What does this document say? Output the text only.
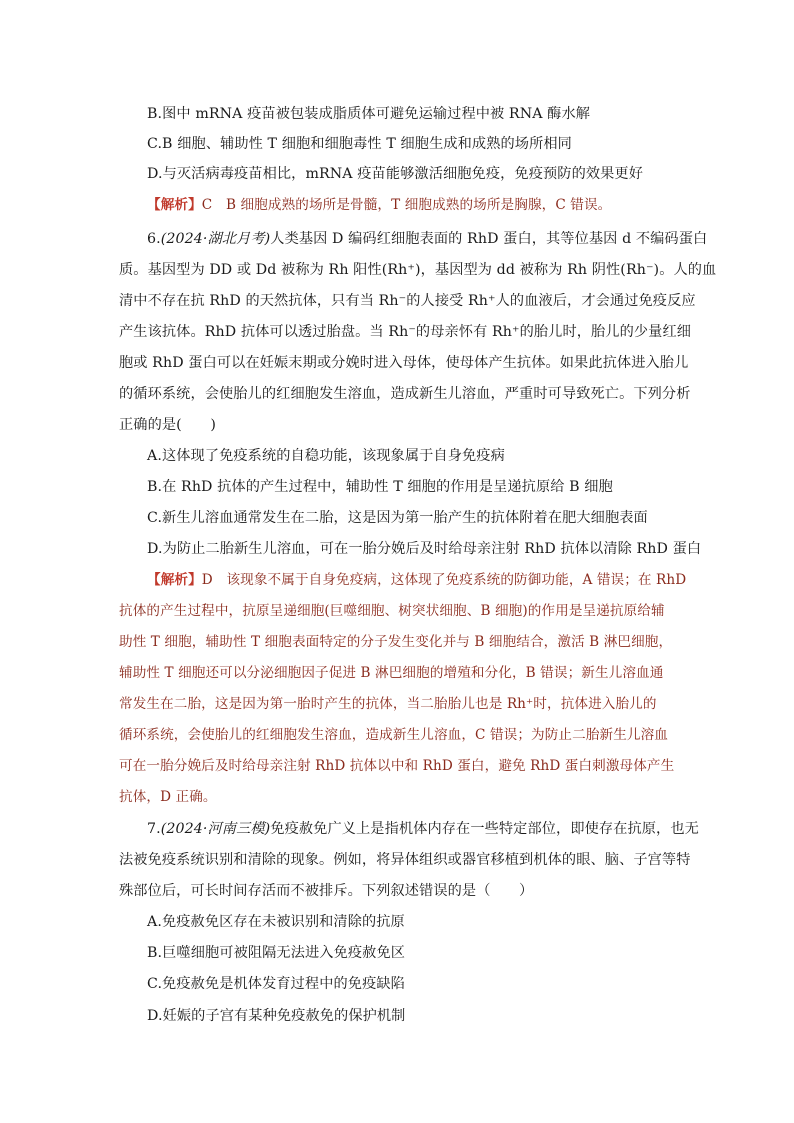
B.图中 mRNA 疫苗被包装成脂质体可避免运输过程中被 RNA 酶水解
C.B 细胞、辅助性 T 细胞和细胞毒性 T 细胞生成和成熟的场所相同
D.与灭活病毒疫苗相比，mRNA 疫苗能够激活细胞免疫，免疫预防的效果更好
【解析】C　B 细胞成熟的场所是骨髓，T 细胞成熟的场所是胸腺，C 错误。
6.(2024·湖北月考)人类基因 D 编码红细胞表面的 RhD 蛋白，其等位基因 d 不编码蛋白
质。基因型为 DD 或 Dd 被称为 Rh 阳性(Rh⁺)，基因型为 dd 被称为 Rh 阴性(Rh⁻)。人的血
清中不存在抗 RhD 的天然抗体，只有当 Rh⁻的人接受 Rh⁺人的血液后，才会通过免疫反应
产生该抗体。RhD 抗体可以透过胎盘。当 Rh⁻的母亲怀有 Rh⁺的胎儿时，胎儿的少量红细
胞或 RhD 蛋白可以在妊娠末期或分娩时进入母体，使母体产生抗体。如果此抗体进入胎儿
的循环系统，会使胎儿的红细胞发生溶血，造成新生儿溶血，严重时可导致死亡。下列分析
正确的是(　　)
A.这体现了免疫系统的自稳功能，该现象属于自身免疫病
B.在 RhD 抗体的产生过程中，辅助性 T 细胞的作用是呈递抗原给 B 细胞
C.新生儿溶血通常发生在二胎，这是因为第一胎产生的抗体附着在肥大细胞表面
D.为防止二胎新生儿溶血，可在一胎分娩后及时给母亲注射 RhD 抗体以清除 RhD 蛋白
【解析】D　该现象不属于自身免疫病，这体现了免疫系统的防御功能，A 错误；在 RhD
抗体的产生过程中，抗原呈递细胞(巨噬细胞、树突状细胞、B 细胞)的作用是呈递抗原给辅
助性 T 细胞，辅助性 T 细胞表面特定的分子发生变化并与 B 细胞结合，激活 B 淋巴细胞，
辅助性 T 细胞还可以分泌细胞因子促进 B 淋巴细胞的增殖和分化，B 错误；新生儿溶血通
常发生在二胎，这是因为第一胎时产生的抗体，当二胎胎儿也是 Rh⁺时，抗体进入胎儿的
循环系统，会使胎儿的红细胞发生溶血，造成新生儿溶血，C 错误；为防止二胎新生儿溶血
可在一胎分娩后及时给母亲注射 RhD 抗体以中和 RhD 蛋白，避免 RhD 蛋白刺激母体产生
抗体，D 正确。
7.(2024·河南三模)免疫赦免广义上是指机体内存在一些特定部位，即使存在抗原，也无
法被免疫系统识别和清除的现象。例如，将异体组织或器官移植到机体的眼、脑、子宫等特
殊部位后，可长时间存活而不被排斥。下列叙述错误的是（　　）
A.免疫赦免区存在未被识别和清除的抗原
B.巨噬细胞可被阻隔无法进入免疫赦免区
C.免疫赦免是机体发育过程中的免疫缺陷
D.妊娠的子宫有某种免疫赦免的保护机制
